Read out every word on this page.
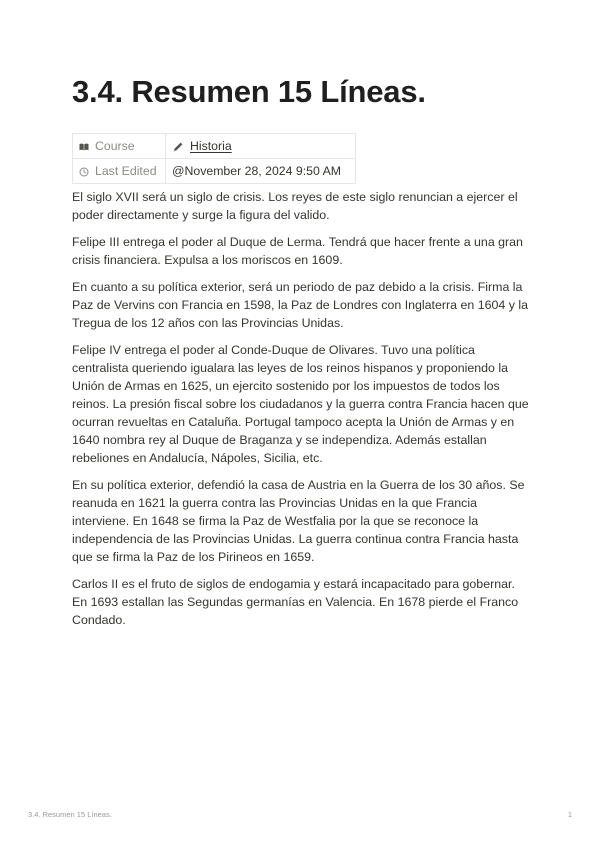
3.4. Resumen 15 Líneas.
Course	Historia

Last Edited	@November 28, 2024 9:50 AM

El siglo XVII será un siglo de crisis. Los reyes de este siglo renuncian a ejercer el poder directamente y surge la figura del valido.

Felipe III entrega el poder al Duque de Lerma. Tendrá que hacer frente a una gran crisis financiera. Expulsa a los moriscos en 1609.

En cuanto a su política exterior, será un periodo de paz debido a la crisis. Firma la Paz de Vervins con Francia en 1598, la Paz de Londres con Inglaterra en 1604 y la Tregua de los 12 años con las Provincias Unidas.

Felipe IV entrega el poder al Conde-Duque de Olivares. Tuvo una política centralista queriendo igualara las leyes de los reinos hispanos y proponiendo la Unión de Armas en 1625, un ejercito sostenido por los impuestos de todos los reinos. La presión fiscal sobre los ciudadanos y la guerra contra Francia hacen que ocurran revueltas en Cataluña. Portugal tampoco acepta la Unión de Armas y en 1640 nombra rey al Duque de Braganza y se independiza. Además estallan rebeliones en Andalucía, Nápoles, Sicilia, etc.

En su política exterior, defendió la casa de Austria en la Guerra de los 30 años. Se reanuda en 1621 la guerra contra las Provincias Unidas en la que Francia interviene. En 1648 se firma la Paz de Westfalia por la que se reconoce la independencia de las Provincias Unidas. La guerra continua contra Francia hasta que se firma la Paz de los Pirineos en 1659.

Carlos II es el fruto de siglos de endogamia y estará incapacitado para gobernar. En 1693 estallan las Segundas germanías en Valencia. En 1678 pierde el Franco Condado.

3.4. Resumen 15 Líneas.	1
